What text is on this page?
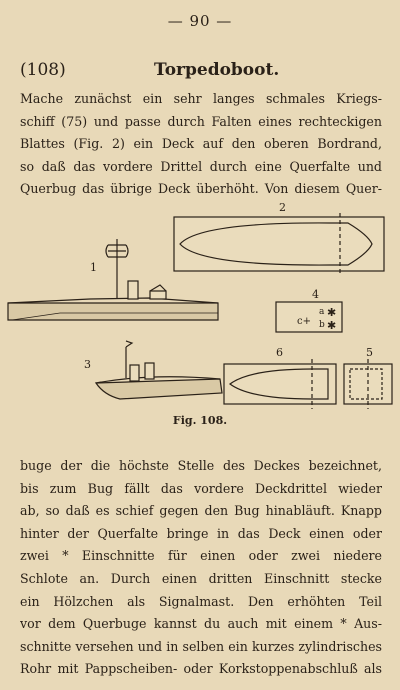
— 90 —
(108)	Torpedoboot.
Mache zunächst ein sehr langes schmales Kriegs-
schiff (75) und passe durch Falten eines rechteckigen
Blattes (Fig. 2) ein Deck auf den oberen Bordrand,
so daß das vordere Drittel durch eine Querfalte und
Querbug das übrige Deck überhöht. Von diesem Quer-
2
1
4
c+
a
b
3
6	5
✱
✱
Fig. 108.
buge der die höchste Stelle des Deckes bezeichnet,
bis zum Bug fällt das vordere Deckdrittel wieder
ab, so daß es schief gegen den Bug hinabläuft. Knapp
hinter der Querfalte bringe in das Deck einen oder
zwei * Einschnitte für einen oder zwei niedere
Schlote an. Durch einen dritten Einschnitt stecke
ein Hölzchen als Signalmast. Den erhöhten Teil
vor dem Querbuge kannst du auch mit einem * Aus-
schnitte versehen und in selben ein kurzes zylindrisches
Rohr mit Pappscheiben- oder Korkstoppenabschluß als
